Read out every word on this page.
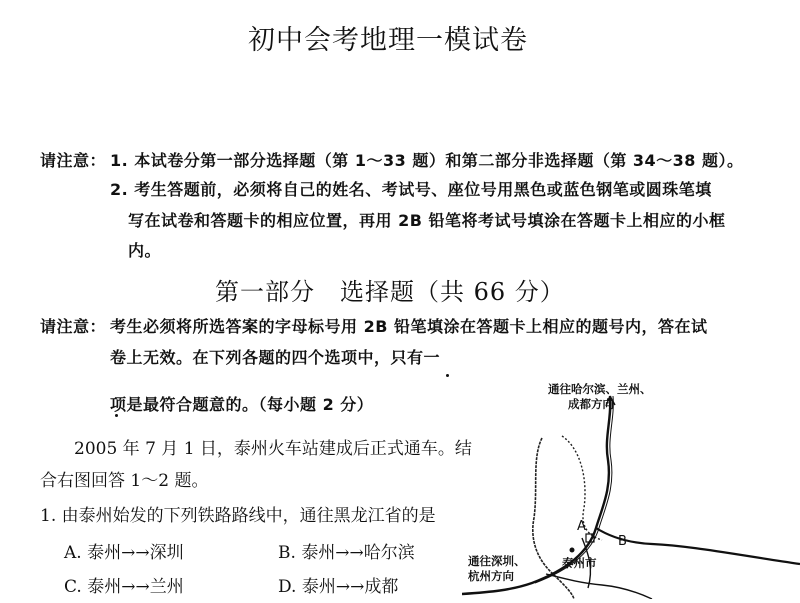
初中会考地理一模试卷
请注意： 1. 本试卷分第一部分选择题（第 1～33 题）和第二部分非选择题（第 34～38 题）。
2. 考生答题前，必须将自己的姓名、考试号、座位号用黑色或蓝色钢笔或圆珠笔填
写在试卷和答题卡的相应位置，再用 2B 铅笔将考试号填涂在答题卡上相应的小框
内。
第一部分　选择题（共 66 分）
请注意： 考生必须将所选答案的字母标号用 2B 铅笔填涂在答题卡上相应的题号内，答在试
卷上无效。在下列各题的四个选项中，只有一
项是最符合题意的。（每小题 2 分）
2005 年 7 月 1 日，泰州火车站建成后正式通车。结
合右图回答 1～2 题。
1. 由泰州始发的下列铁路路线中，通往黑龙江省的是
A. 泰州→→深圳	B. 泰州→→哈尔滨
C. 泰州→→兰州	D. 泰州→→成都
通往哈尔滨、兰州、
成都方向
A
B
泰州市
通往深圳、
杭州方向
